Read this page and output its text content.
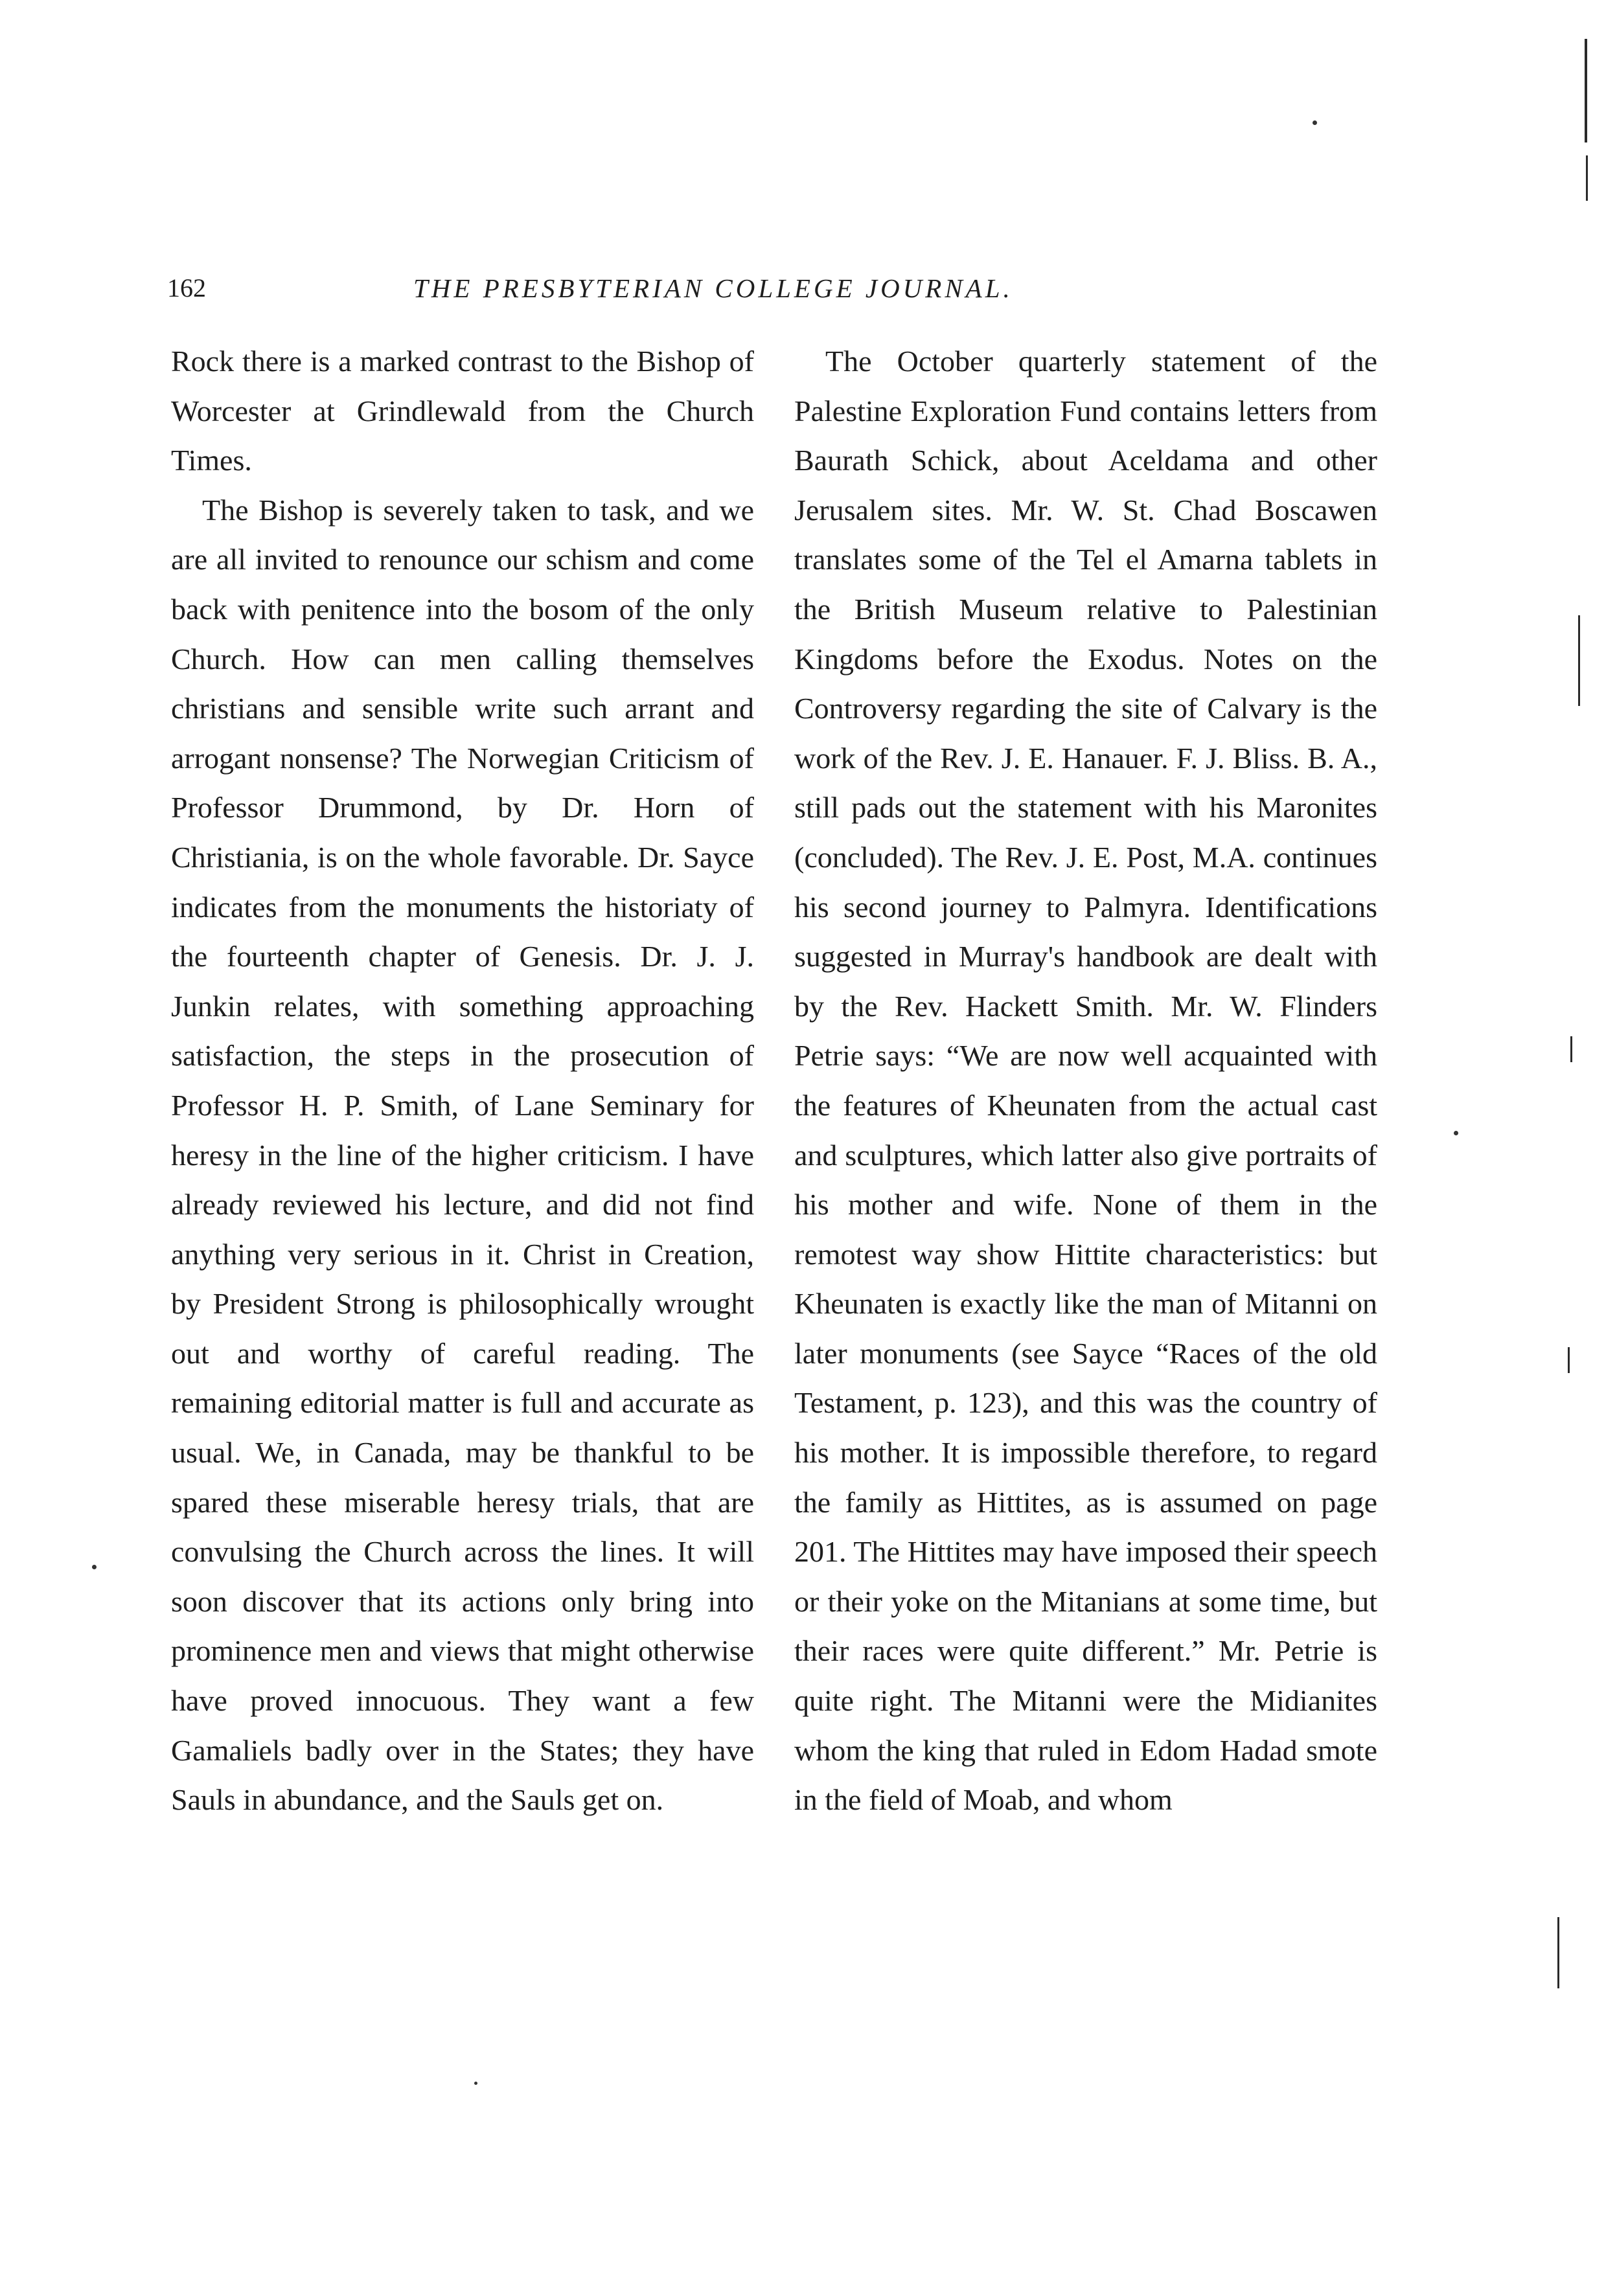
162	THE PRESBYTERIAN COLLEGE JOURNAL.

Rock there is a marked contrast to the Bishop of Worcester at Grindlewald from the Church Times.

The Bishop is severely taken to task, and we are all invited to renounce our schism and come back with penitence into the bosom of the only Church. How can men calling themselves christians and sensible write such arrant and arrogant nonsense? The Norwegian Criticism of Professor Drummond, by Dr. Horn of Christiania, is on the whole favorable. Dr. Sayce indicates from the monuments the historiaty of the fourteenth chapter of Genesis. Dr. J. J. Junkin relates, with something approaching satisfaction, the steps in the prosecution of Professor H. P. Smith, of Lane Seminary for heresy in the line of the higher criticism. I have already reviewed his lecture, and did not find anything very serious in it. Christ in Creation, by President Strong is philosophically wrought out and worthy of careful reading. The remaining editorial matter is full and accurate as usual. We, in Canada, may be thankful to be spared these miserable heresy trials, that are convulsing the Church across the lines. It will soon discover that its actions only bring into prominence men and views that might otherwise have proved innocuous. They want a few Gamaliels badly over in the States; they have Sauls in abundance, and the Sauls get on.

The October quarterly statement of the Palestine Exploration Fund contains letters from Baurath Schick, about Aceldama and other Jerusalem sites. Mr. W. St. Chad Boscawen translates some of the Tel el Amarna tablets in the British Museum relative to Palestinian Kingdoms before the Exodus. Notes on the Controversy regarding the site of Calvary is the work of the Rev. J. E. Hanauer. F. J. Bliss. B. A., still pads out the statement with his Maronites (concluded). The Rev. J. E. Post, M.A. continues his second journey to Palmyra. Identifications suggested in Murray's handbook are dealt with by the Rev. Hackett Smith. Mr. W. Flinders Petrie says: “We are now well acquainted with the features of Kheunaten from the actual cast and sculptures, which latter also give portraits of his mother and wife. None of them in the remotest way show Hittite characteristics: but Kheunaten is exactly like the man of Mitanni on later monuments (see Sayce “Races of the old Testament, p. 123), and this was the country of his mother. It is impossible therefore, to regard the family as Hittites, as is assumed on page 201. The Hittites may have imposed their speech or their yoke on the Mitanians at some time, but their races were quite different.” Mr. Petrie is quite right. The Mitanni were the Midianites whom the king that ruled in Edom Hadad smote in the field of Moab, and whom
